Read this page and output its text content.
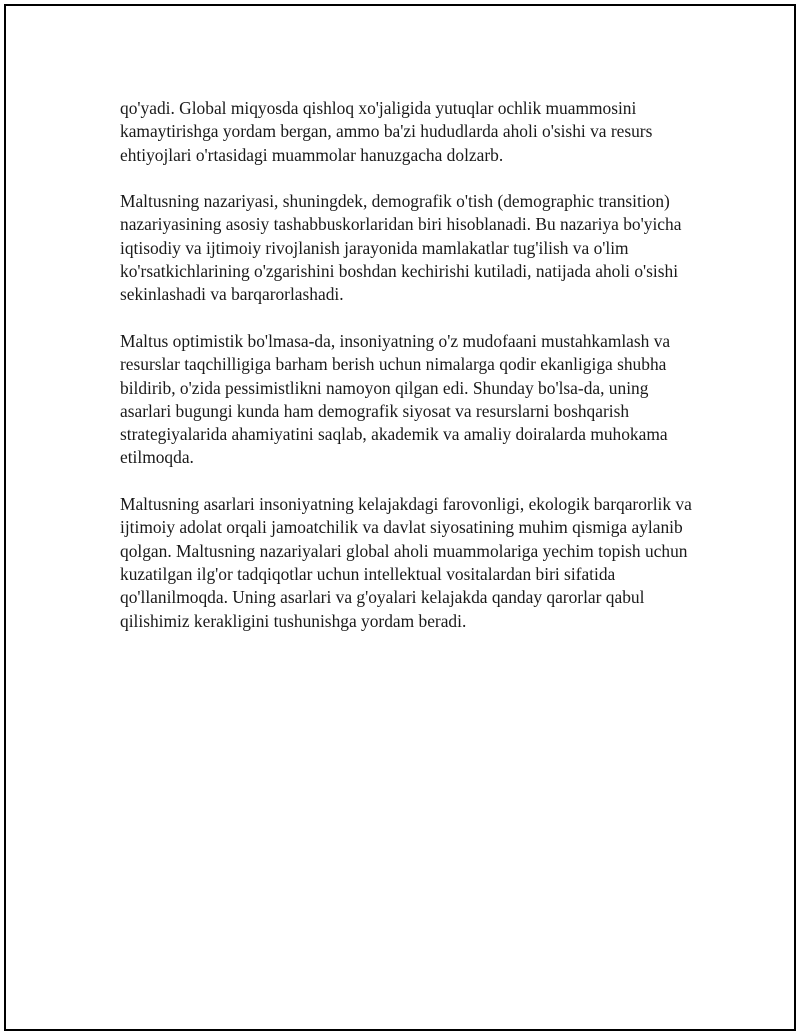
qo'yadi. Global miqyosda qishloq xo'jaligida yutuqlar ochlik muammosini kamaytirishga yordam bergan, ammo ba'zi hududlarda aholi o'sishi va resurs ehtiyojlari o'rtasidagi muammolar hanuzgacha dolzarb.

Maltusning nazariyasi, shuningdek, demografik o'tish (demographic transition) nazariyasining asosiy tashabbuskorlaridan biri hisoblanadi. Bu nazariya bo'yicha iqtisodiy va ijtimoiy rivojlanish jarayonida mamlakatlar tug'ilish va o'lim ko'rsatkichlarining o'zgarishini boshdan kechirishi kutiladi, natijada aholi o'sishi sekinlashadi va barqarorlashadi.

Maltus optimistik bo'lmasa-da, insoniyatning o'z mudofaani mustahkamlash va resurslar taqchilligiga barham berish uchun nimalarga qodir ekanligiga shubha bildirib, o'zida pessimistlikni namoyon qilgan edi. Shunday bo'lsa-da, uning asarlari bugungi kunda ham demografik siyosat va resurslarni boshqarish strategiyalarida ahamiyatini saqlab, akademik va amaliy doiralarda muhokama etilmoqda.

Maltusning asarlari insoniyatning kelajakdagi farovonligi, ekologik barqarorlik va ijtimoiy adolat orqali jamoatchilik va davlat siyosatining muhim qismiga aylanib qolgan. Maltusning nazariyalari global aholi muammolariga yechim topish uchun kuzatilgan ilg'or tadqiqotlar uchun intellektual vositalardan biri sifatida qo'llanilmoqda. Uning asarlari va g'oyalari kelajakda qanday qarorlar qabul qilishimiz kerakligini tushunishga yordam beradi.
